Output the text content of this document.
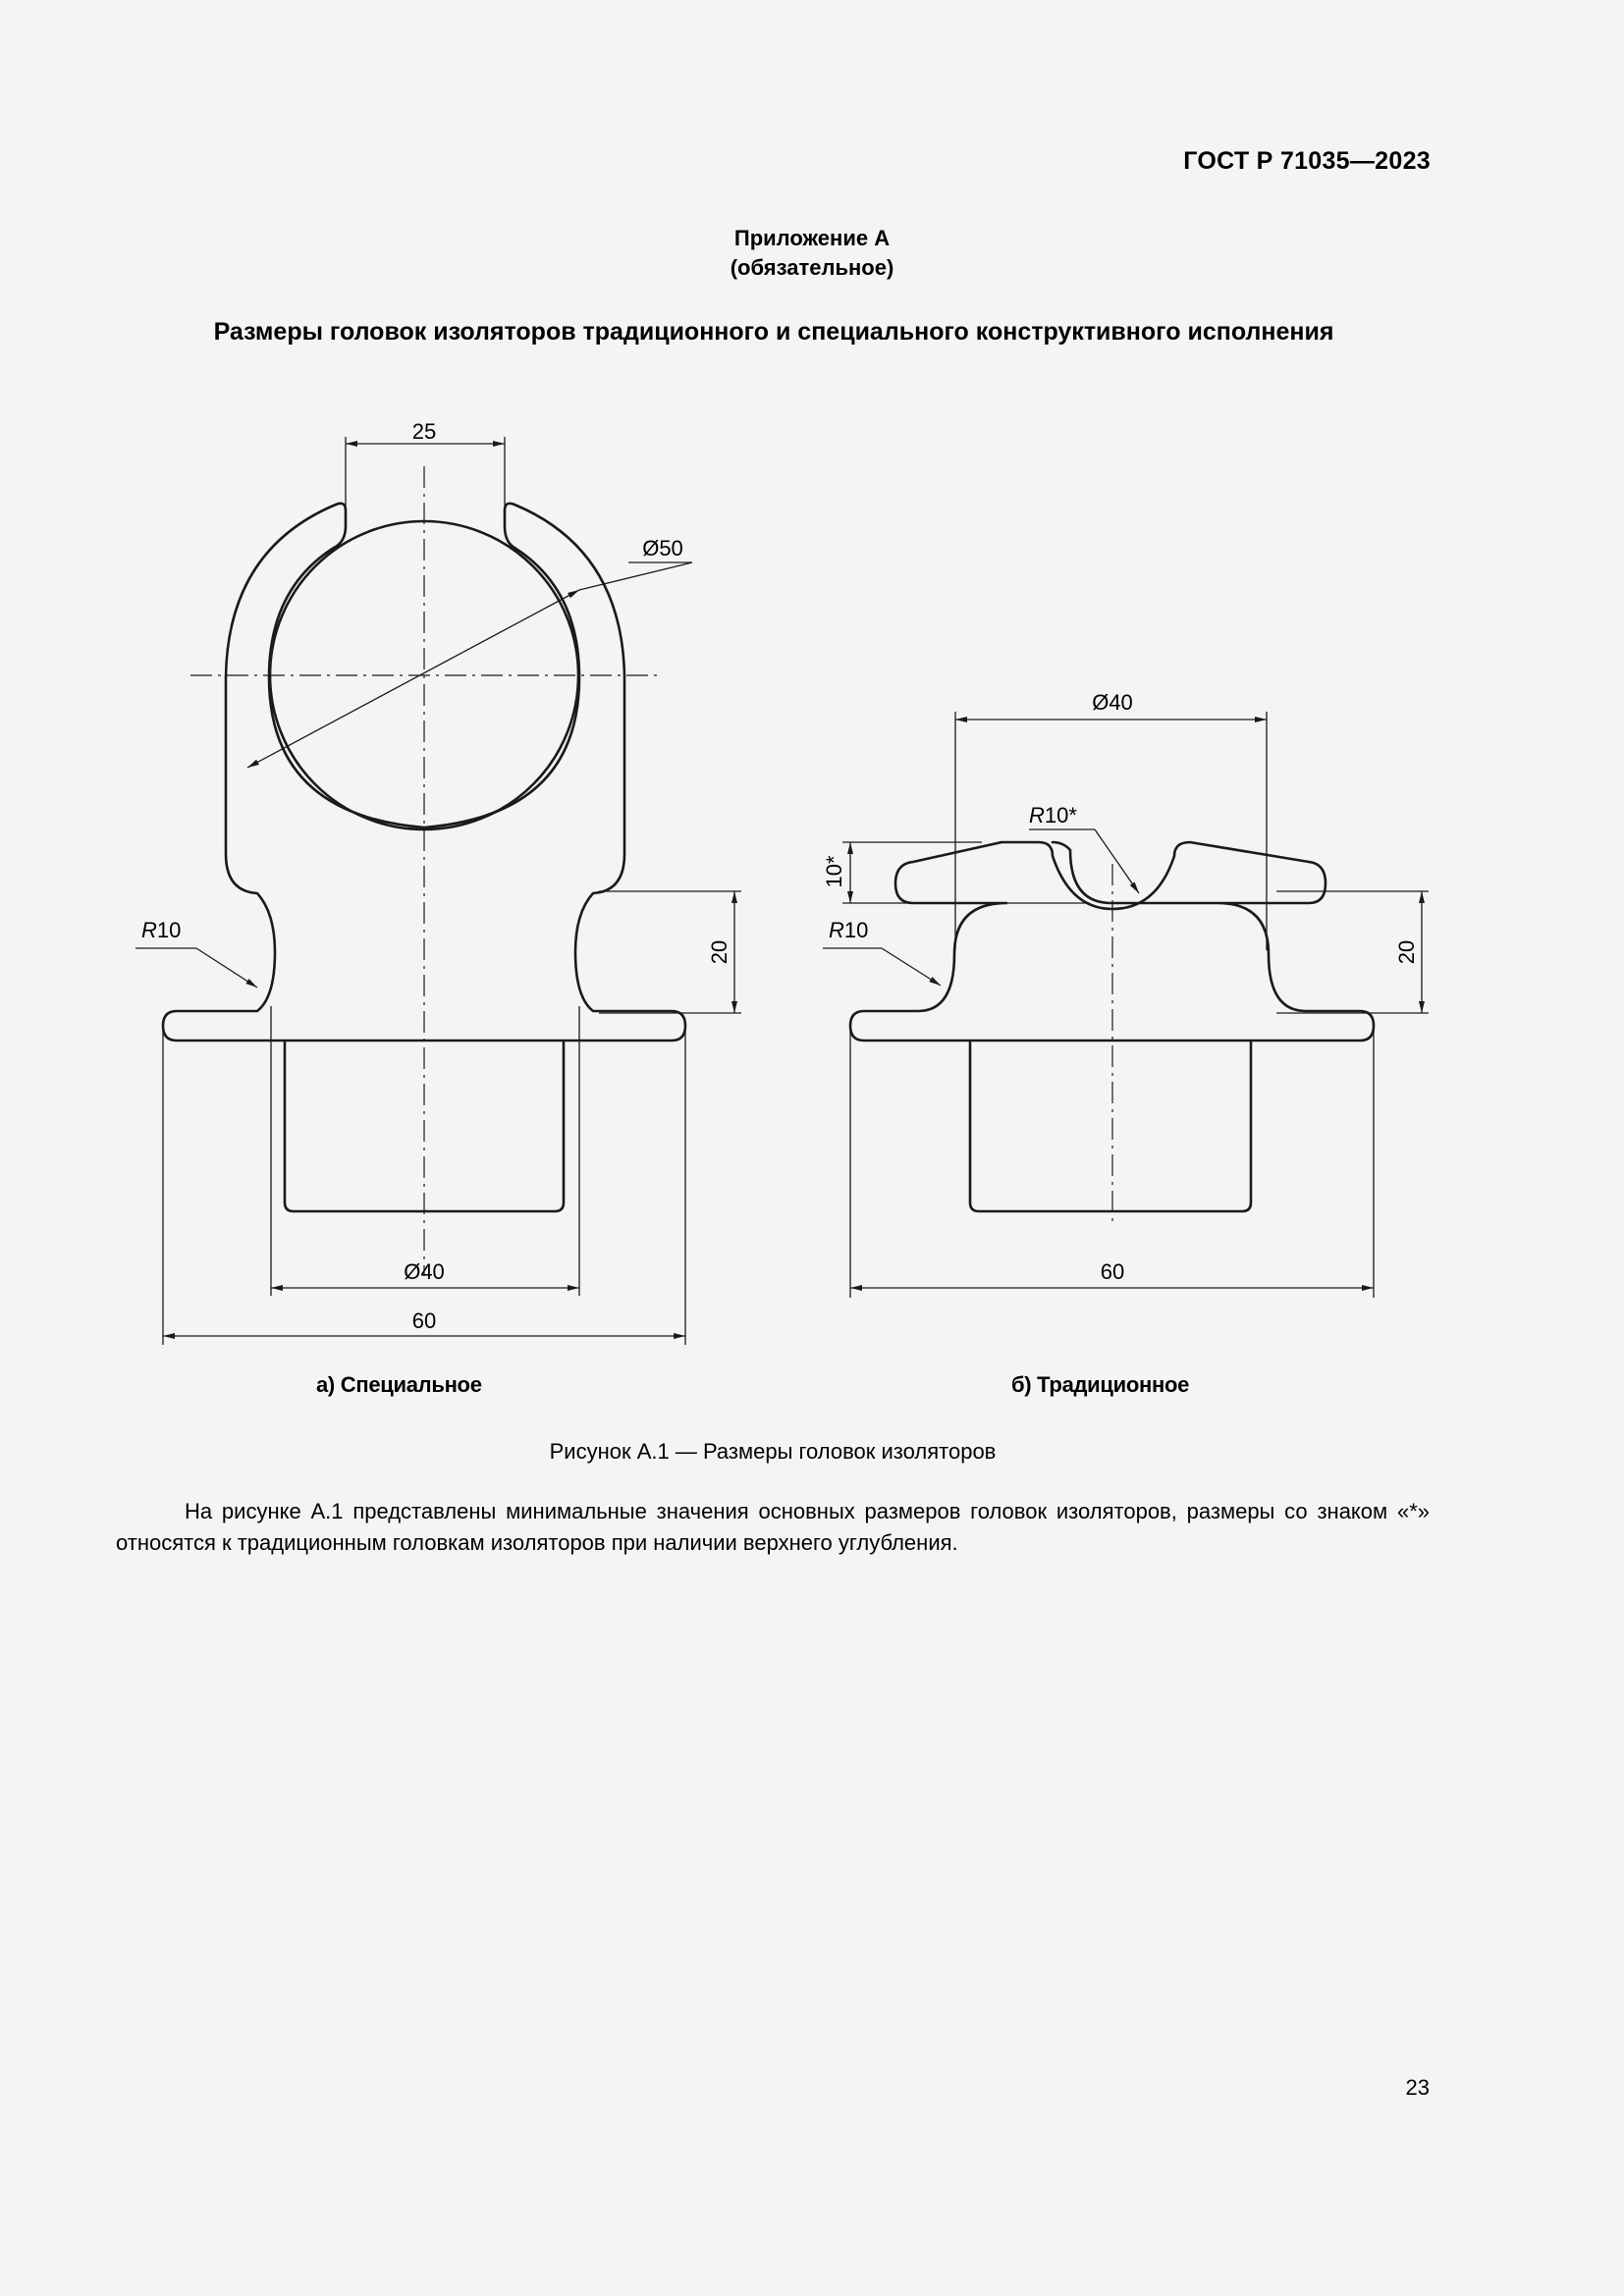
ГОСТ Р 71035—2023
Приложение А
(обязательное)
Размеры головок изоляторов традиционного и специального конструктивного исполнения
25
Ø50
R10
20
Ø40
60
Ø40
R10*
10*
R10
20
60
а) Специальное	б) Традиционное
Рисунок А.1 — Размеры головок изоляторов
На рисунке А.1 представлены минимальные значения основных размеров головок изоляторов, размеры со знаком «*» относятся к традиционным головкам изоляторов при наличии верхнего углубления.
23
